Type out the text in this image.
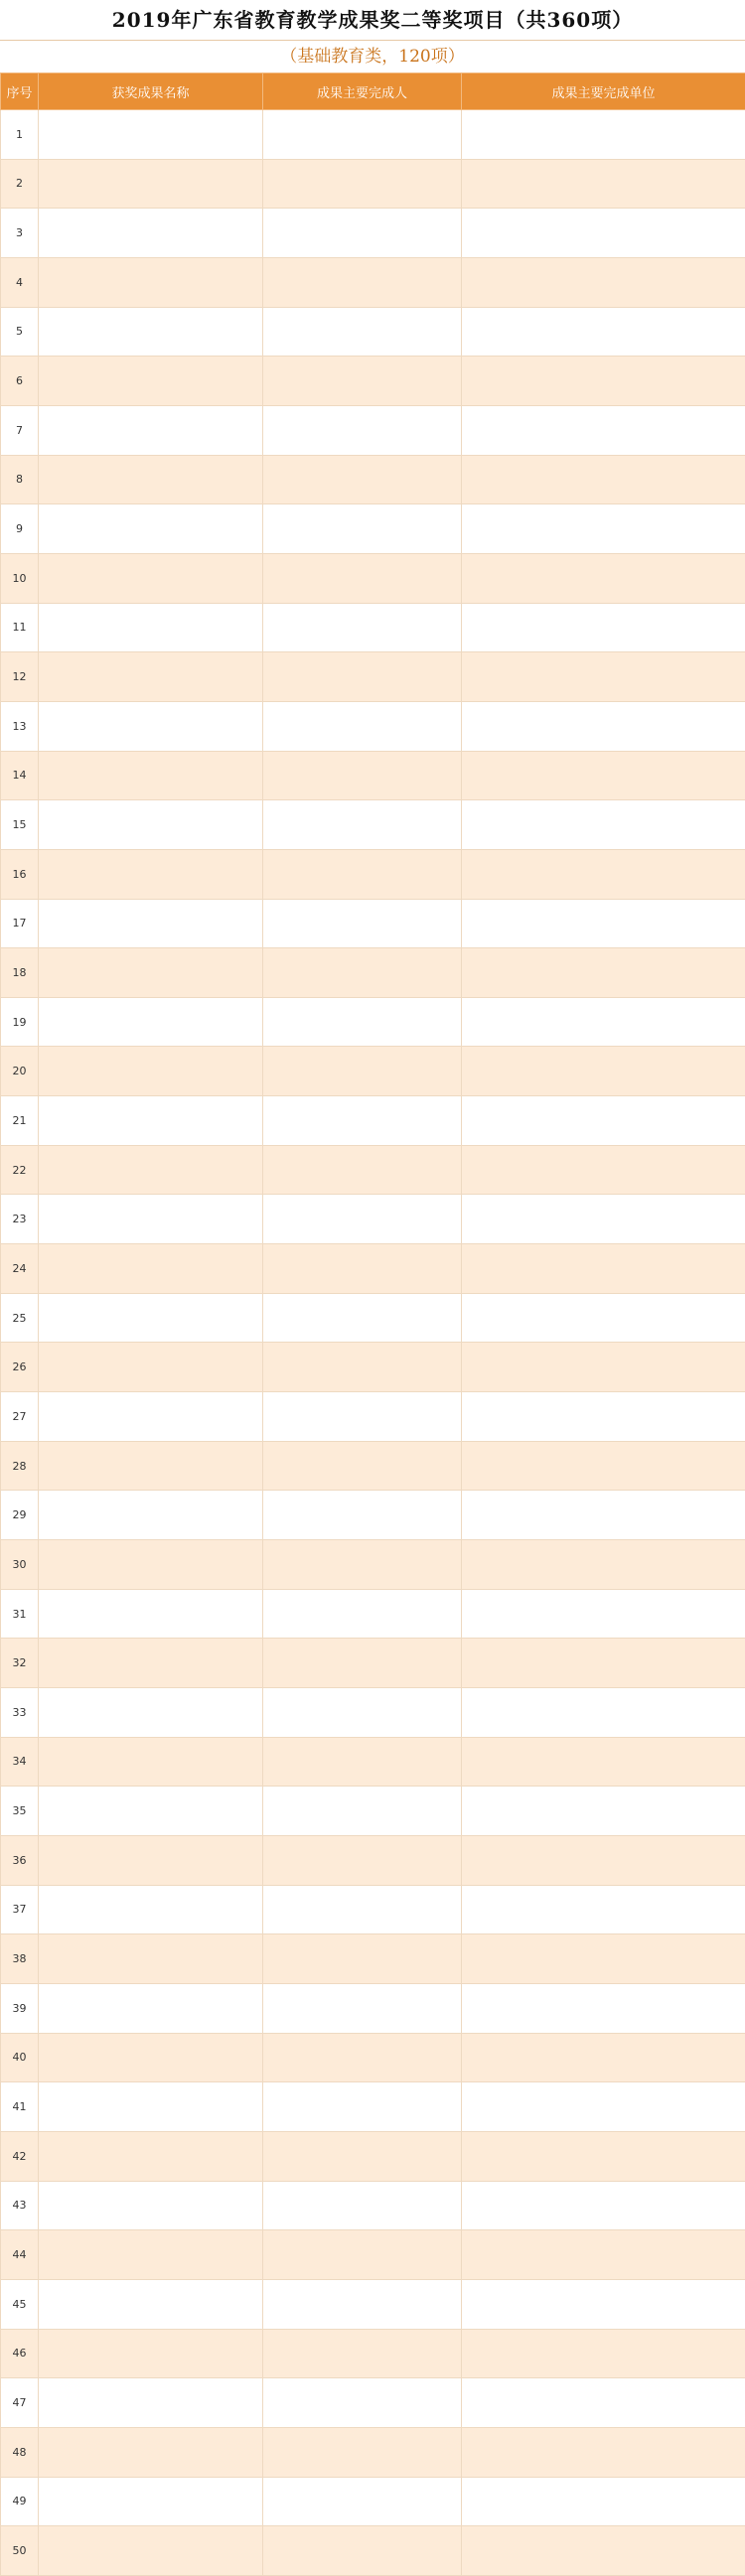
2019年广东省教育教学成果奖二等奖项目（共360项）
（基础教育类，120项）
序号	获奖成果名称	成果主要完成人	成果主要完成单位
1			
2			
3			
4			
5			
6			
7			
8			
9			
10			
11			
12			
13			
14			
15			
16			
17			
18			
19			
20			
21			
22			
23			
24			
25			
26			
27			
28			
29			
30			
31			
32			
33			
34			
35			
36			
37			
38			
39			
40			
41			
42			
43			
44			
45			
46			
47			
48			
49			
50			
